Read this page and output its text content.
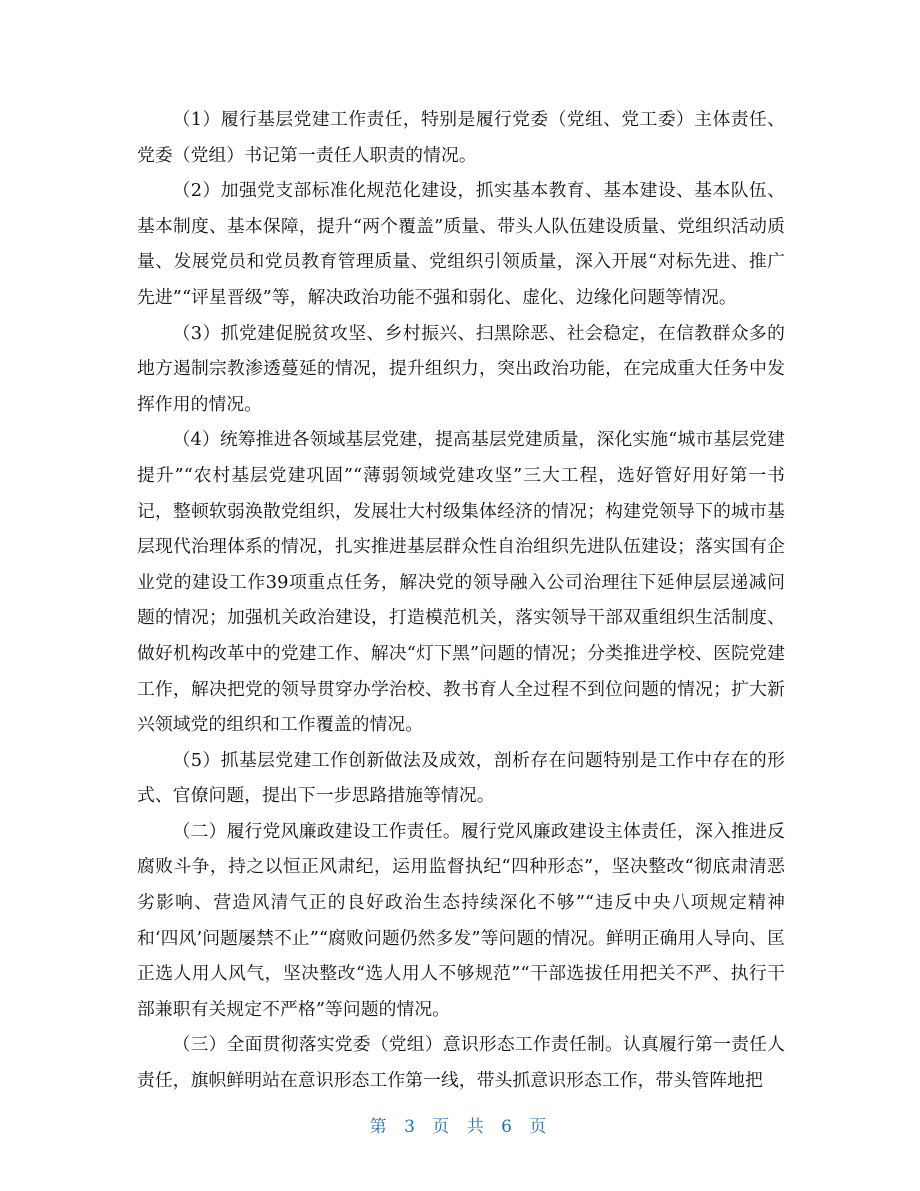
（1）履行基层党建工作责任，特别是履行党委（党组、党工委）主体责任、党委（党组）书记第一责任人职责的情况。

（2）加强党支部标准化规范化建设，抓实基本教育、基本建设、基本队伍、基本制度、基本保障，提升“两个覆盖”质量、带头人队伍建设质量、党组织活动质量、发展党员和党员教育管理质量、党组织引领质量，深入开展“对标先进、推广先进”“评星晋级”等，解决政治功能不强和弱化、虚化、边缘化问题等情况。

（3）抓党建促脱贫攻坚、乡村振兴、扫黑除恶、社会稳定，在信教群众多的地方遏制宗教渗透蔓延的情况，提升组织力，突出政治功能，在完成重大任务中发挥作用的情况。

（4）统筹推进各领域基层党建，提高基层党建质量，深化实施“城市基层党建提升”“农村基层党建巩固”“薄弱领域党建攻坚”三大工程，选好管好用好第一书记，整顿软弱涣散党组织，发展壮大村级集体经济的情况；构建党领导下的城市基层现代治理体系的情况，扎实推进基层群众性自治组织先进队伍建设；落实国有企业党的建设工作39项重点任务，解决党的领导融入公司治理往下延伸层层递减问题的情况；加强机关政治建设，打造模范机关，落实领导干部双重组织生活制度、做好机构改革中的党建工作、解决“灯下黑”问题的情况；分类推进学校、医院党建工作，解决把党的领导贯穿办学治校、教书育人全过程不到位问题的情况；扩大新兴领域党的组织和工作覆盖的情况。

（5）抓基层党建工作创新做法及成效，剖析存在问题特别是工作中存在的形式、官僚问题，提出下一步思路措施等情况。

（二）履行党风廉政建设工作责任。履行党风廉政建设主体责任，深入推进反腐败斗争，持之以恒正风肃纪，运用监督执纪“四种形态”，坚决整改“彻底肃清恶劣影响、营造风清气正的良好政治生态持续深化不够”“违反中央八项规定精神和‘四风’问题屡禁不止”“腐败问题仍然多发”等问题的情况。鲜明正确用人导向、匡正选人用人风气，坚决整改“选人用人不够规范”“干部选拔任用把关不严、执行干部兼职有关规定不严格”等问题的情况。

（三）全面贯彻落实党委（党组）意识形态工作责任制。认真履行第一责任人责任，旗帜鲜明站在意识形态工作第一线，带头抓意识形态工作，带头管阵地把

第 3 页 共 6 页
